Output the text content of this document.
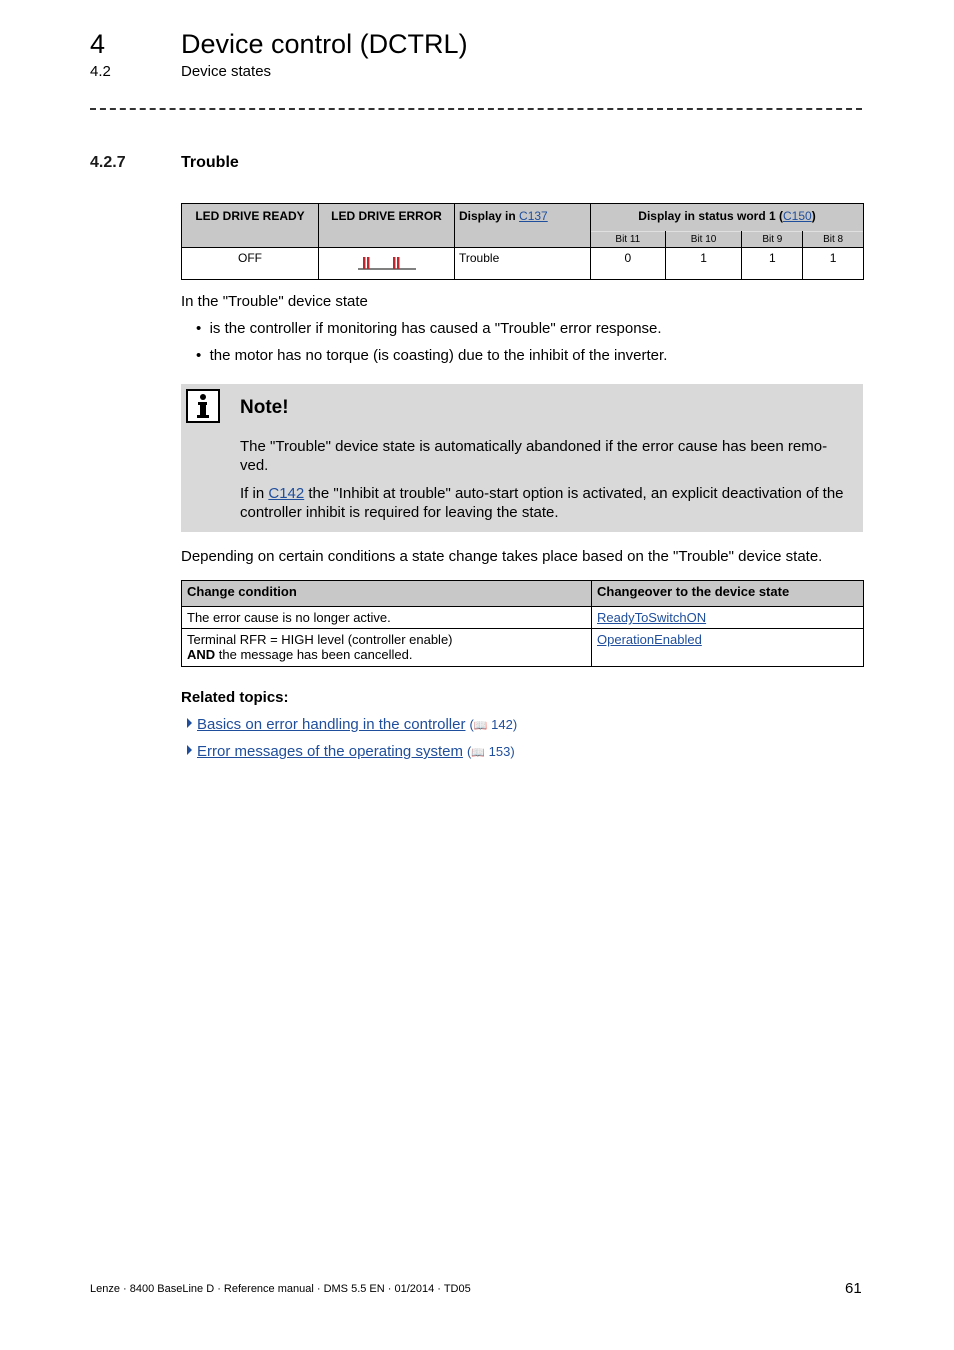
4	Device control (DCTRL)
4.2	Device states
4.2.7	Trouble
LED DRIVE READY	LED DRIVE ERROR	Display in C137	Display in status word 1 (C150)			
			Bit 11	Bit 10	Bit 9	Bit 8
OFF		Trouble	0	1	1	1
In the "Trouble" device state
•  is the controller if monitoring has caused a "Trouble" error response.
•  the motor has no torque (is coasting) due to the inhibit of the inverter.
Note!
The "Trouble" device state is automatically abandoned if the error cause has been remo-ved.
If in C142 the "Inhibit at trouble" auto-start option is activated, an explicit deactivation of the controller inhibit is required for leaving the state.
Depending on certain conditions a state change takes place based on the "Trouble" device state.
Change condition	Changeover to the device state
The error cause is no longer active.	ReadyToSwitchON

Terminal RFR = HIGH level (controller enable)
AND the message has been cancelled.	OperationEnabled
Related topics:
Basics on error handling in the controller (📖 142)
Error messages of the operating system (📖 153)
Lenze · 8400 BaseLine D · Reference manual · DMS 5.5 EN · 01/2014 · TD05	61
